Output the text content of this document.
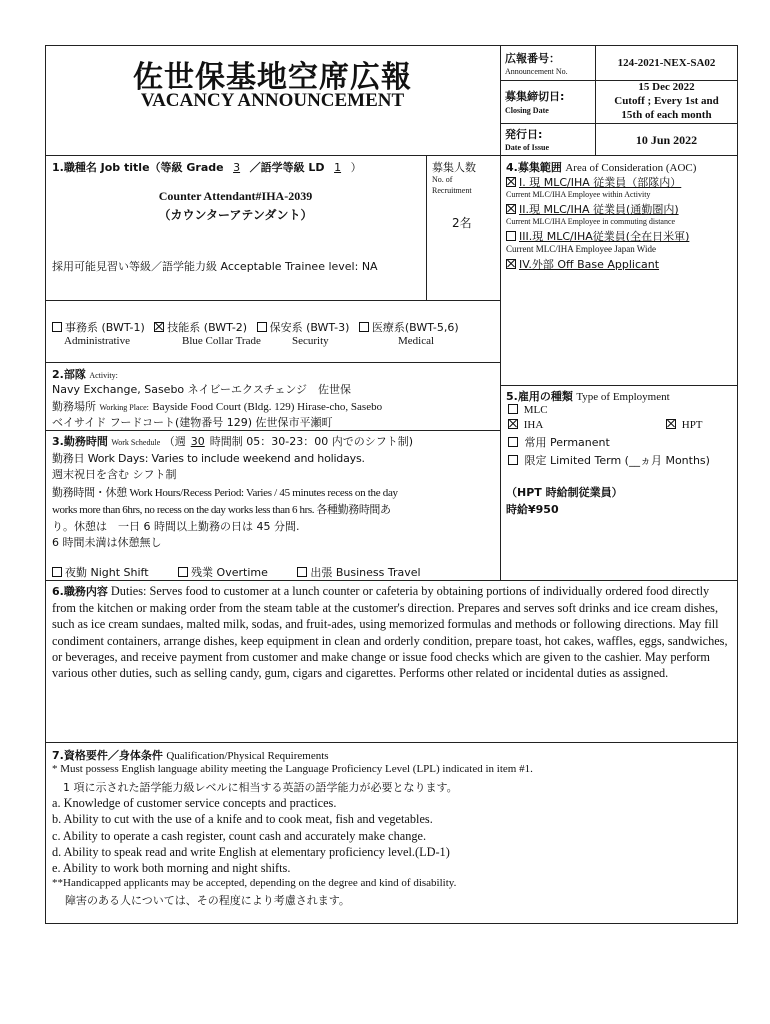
佐世保基地空席広報
VACANCY ANNOUNCEMENT
広報番号：
Announcement No.
124-2021-NEX-SA02
募集締切日:
Closing Date
15 Dec 2022
Cutoff ; Every 1st and
15th of each month
発行日:
Date of Issue
10 Jun 2022
1.職種名 Job title（等級 Grade 3 ／語学等級 LD 1 ）
Counter Attendant#IHA-2039
（カウンターアテンダント）
採用可能見習い等級／語学能力級 Acceptable Trainee level: NA
募集人数
No. of
Recruitment
2名
事務系 (BWT-1) 技能系 (BWT-2) 保安系 (BWT-3) 医療系(BWT-5,6)
Administrative	Blue Collar Trade	Security	Medical
4.募集範囲 Area of Consideration (AOC)
I. 現 MLC/IHA 従業員（部隊内）
Current MLC/IHA Employee within Activity
II.現 MLC/IHA 従業員(通勤圏内)
Current MLC/IHA Employee in commuting distance
III.現 MLC/IHA従業員(全在日米軍)
Current MLC/IHA Employee Japan Wide
IV.外部 Off Base Applicant
2.部隊 Activity:
Navy Exchange, Sasebo ネイビーエクスチェンジ　佐世保
勤務場所 Working Place: Bayside Food Court (Bldg. 129) Hirase-cho, Sasebo
ベイサイド フードコート(建物番号 129) 佐世保市平瀬町
3.勤務時間 Work Schedule （週 30 時間制 05：30-23：00 内でのシフト制)
勤務日 Work Days: Varies to include weekend and holidays.
週末祝日を含む シフト制
勤務時間・休憩 Work Hours/Recess Period: Varies / 45 minutes recess on the day
works more than 6hrs, no recess on the day works less than 6 hrs. 各種勤務時間あ
り。休憩は　一日 6 時間以上勤務の日は 45 分間.
6 時間未満は休憩無し
夜勤 Night Shift	残業 Overtime	出張 Business Travel
5.雇用の種類 Type of Employment
MLC
IHA	HPT
常用 Permanent
限定 Limited Term (__ヵ月 Months)
（HPT 時給制従業員）
時給¥950
6.職務内容 Duties: Serves food to customer at a lunch counter or cafeteria by obtaining portions of individually ordered food directly from the kitchen or making order from the steam table at the customer's direction. Prepares and serves soft drinks and ice cream dishes, such as ice cream sundaes, malted milk, sodas, and fruit-ades, using memorized formulas and methods or following directions. May fill condiment containers, arrange dishes, keep equipment in clean and orderly condition, prepare toast, hot cakes, waffles, eggs, sandwiches, or beverages, and receive payment from customer and make change or issue food checks which are given to the cashier. May perform various other duties, such as selling candy, gum, cigars and cigarettes. Performs other related or incidental duties as assigned.
7.資格要件／身体条件 Qualification/Physical Requirements
* Must possess English language ability meeting the Language Proficiency Level (LPL) indicated in item #1.
1 項に示された語学能力級レベルに相当する英語の語学能力が必要となります。
a. Knowledge of customer service concepts and practices.
b. Ability to cut with the use of a knife and to cook meat, fish and vegetables.
c. Ability to operate a cash register, count cash and accurately make change.
d. Ability to speak read and write English at elementary proficiency level.(LD-1)
e. Ability to work both morning and night shifts.
**Handicapped applicants may be accepted, depending on the degree and kind of disability.
障害のある人については、その程度により考慮されます。
